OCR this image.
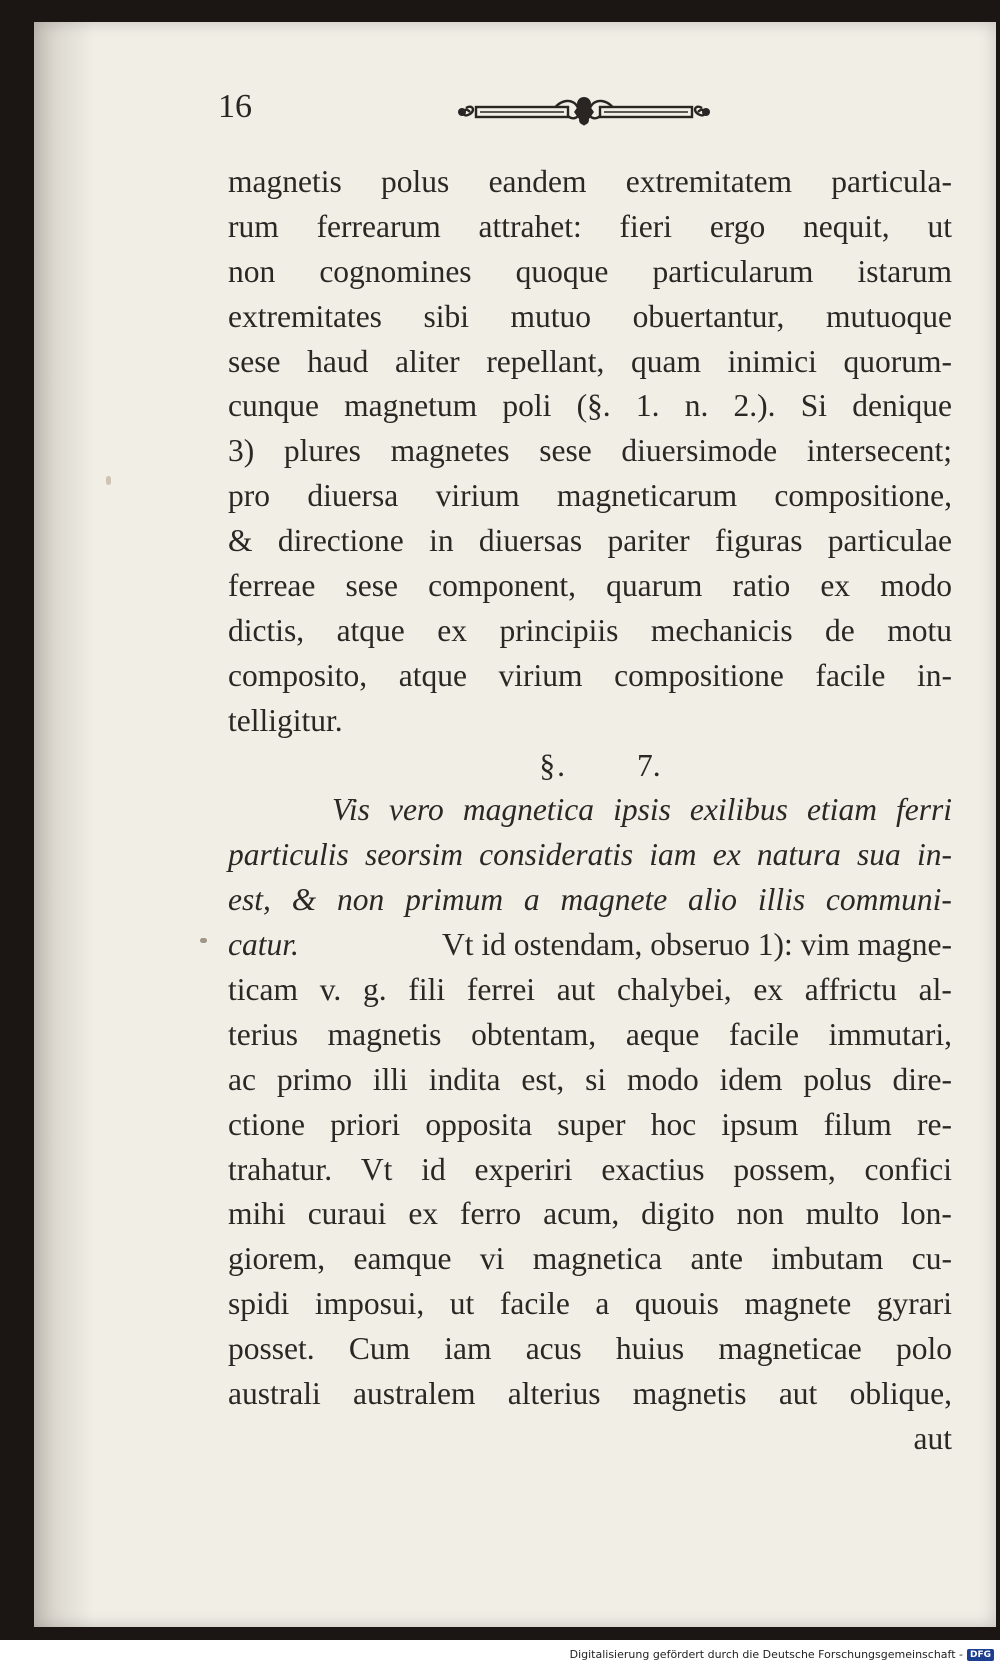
16
magnetis polus eandem extremitatem particula-
rum ferrearum attrahet: fieri ergo nequit, ut
non cognomines quoque particularum istarum
extremitates sibi mutuo obuertantur, mutuoque
sese haud aliter repellant, quam inimici quorum-
cunque magnetum poli (§. 1. n. 2.). Si denique
3) plures magnetes sese diuersimode intersecent;
pro diuersa virium magneticarum compositione,
& directione in diuersas pariter figuras particulae
ferreae sese component, quarum ratio ex modo
dictis, atque ex principiis mechanicis de motu
composito, atque virium compositione facile in-
telligitur.
§. 7.
Vis vero magnetica ipsis exilibus etiam ferri
particulis seorsim consideratis iam ex natura sua in-
est, & non primum a magnete alio illis communi-
catur.	Vt id ostendam, obseruo 1): vim magne-
ticam v. g. fili ferrei aut chalybei, ex affrictu al-
terius magnetis obtentam, aeque facile immutari,
ac primo illi indita est, si modo idem polus dire-
ctione priori opposita super hoc ipsum filum re-
trahatur. Vt id experiri exactius possem, confici
mihi curaui ex ferro acum, digito non multo lon-
giorem, eamque vi magnetica ante imbutam cu-
spidi imposui, ut facile a quouis magnete gyrari
posset. Cum iam acus huius magneticae polo
australi australem alterius magnetis aut oblique,
aut
Digitalisierung gefördert durch die Deutsche Forschungsgemeinschaft - DFG
